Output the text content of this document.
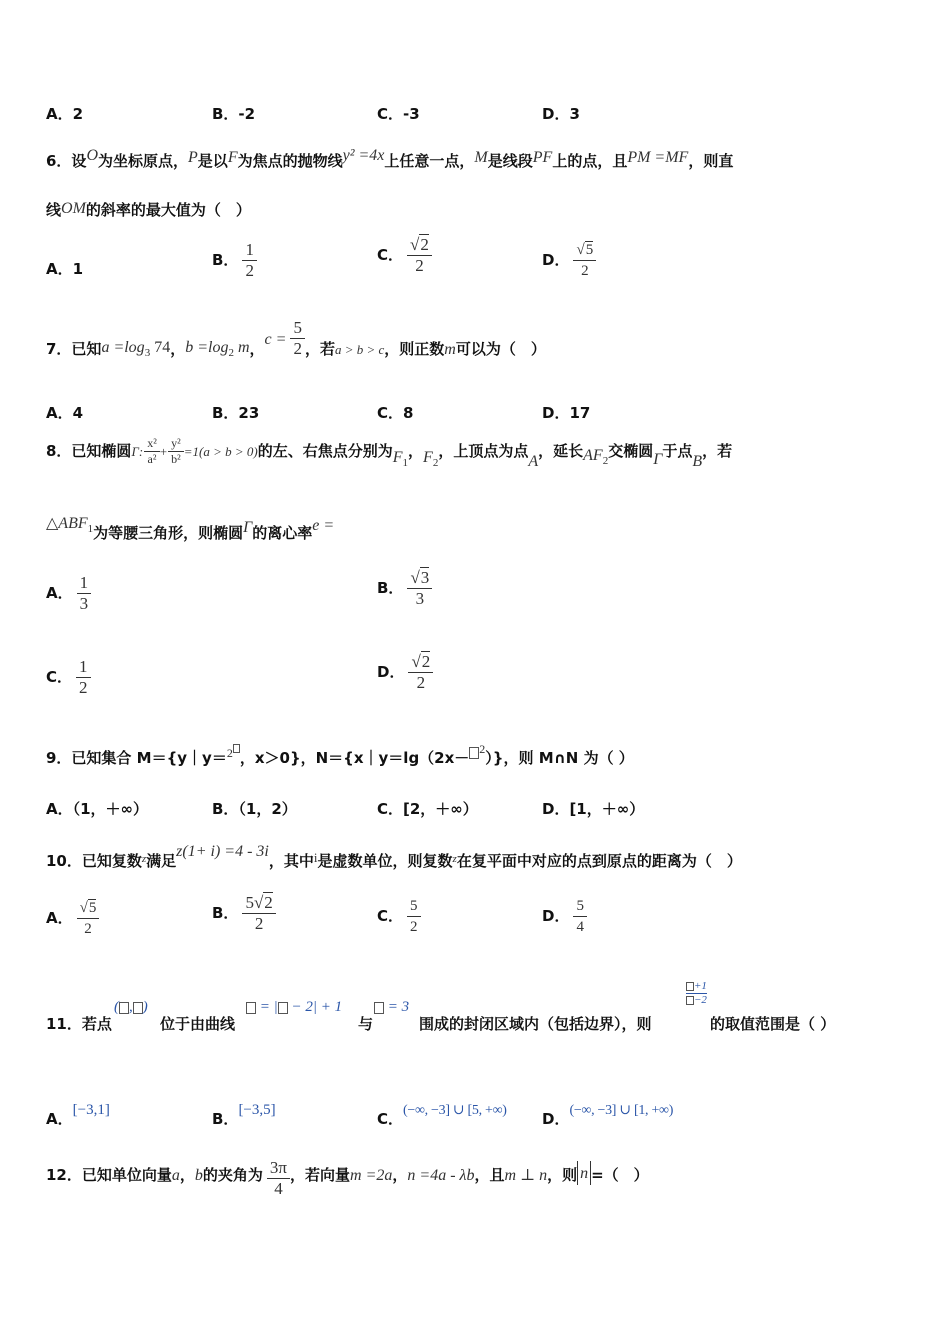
A．2	B．-2	C．-3	D．3
6．设O为坐标原点，P是以F为焦点的抛物线y² =4x上任意一点，M是线段PF上的点，且PM =MF，则直
线OM的斜率的最大值为（　）
A．1	B． $\frac{1}{2}$	C． $\frac{√2}{2}$	D． $\frac{√5}{2}$
7．已知$a =\log_3$ 74，$b =\log_2$ m，$c = \frac{5}{2}$ ，若a > b > c，则正数m可以为（　）
A．4	B．23	C．8	D．17
8．已知椭圆Γ: $\frac{\text{x²}}{\text{a²}} + \frac{\text{y²}}{\text{b²}} =1(a > b > 0)$的左、右焦点分别为$F_1$，$F_2$，上顶点为点A，延长$AF_2$交椭圆Γ于点B，若
△ABF1为等腰三角形，则椭圆Γ的离心率e =
A． $\frac{1}{3}$	B． $\frac{√3}{3}$
C． $\frac{1}{2}$	D． $\frac{√2}{2}$
9．已知集合 M＝{y｜y＝$^2$ ，x＞0}，N＝{x｜y＝lg（2x－ $^2$）}，则 M∩N 为（ ）
A．（1，＋∞）	B．（1，2）	C．[2，＋∞）	D．[1，＋∞）
10．已知复数$^z$满足z(1+ i) =4 - 3i，其中i是虚数单位，则复数$^z$在复平面中对应的点到原点的距离为（　）
A． $\frac{√5}{2}$	B． $\frac{5√2}{2}$	C． $\frac{5}{2}$	D． $\frac{5}{4}$
11．若点
( , )
位于由曲线
= | − 2| + 1
与
= 3
围成的封闭区域内（包括边界），则
+1
−2
的取值范围是（ ）
A．[−3,1]	B．[−3,5]	C．(−∞, −3] ∪ [5, +∞) D．(−∞, −3] ∪ [1, +∞)
12．已知单位向量a，b的夹角为 $\frac{3\pi}{4}$ ，若向量m =2a，n =4a - λb，且m ⊥ n，则 n =（　）
